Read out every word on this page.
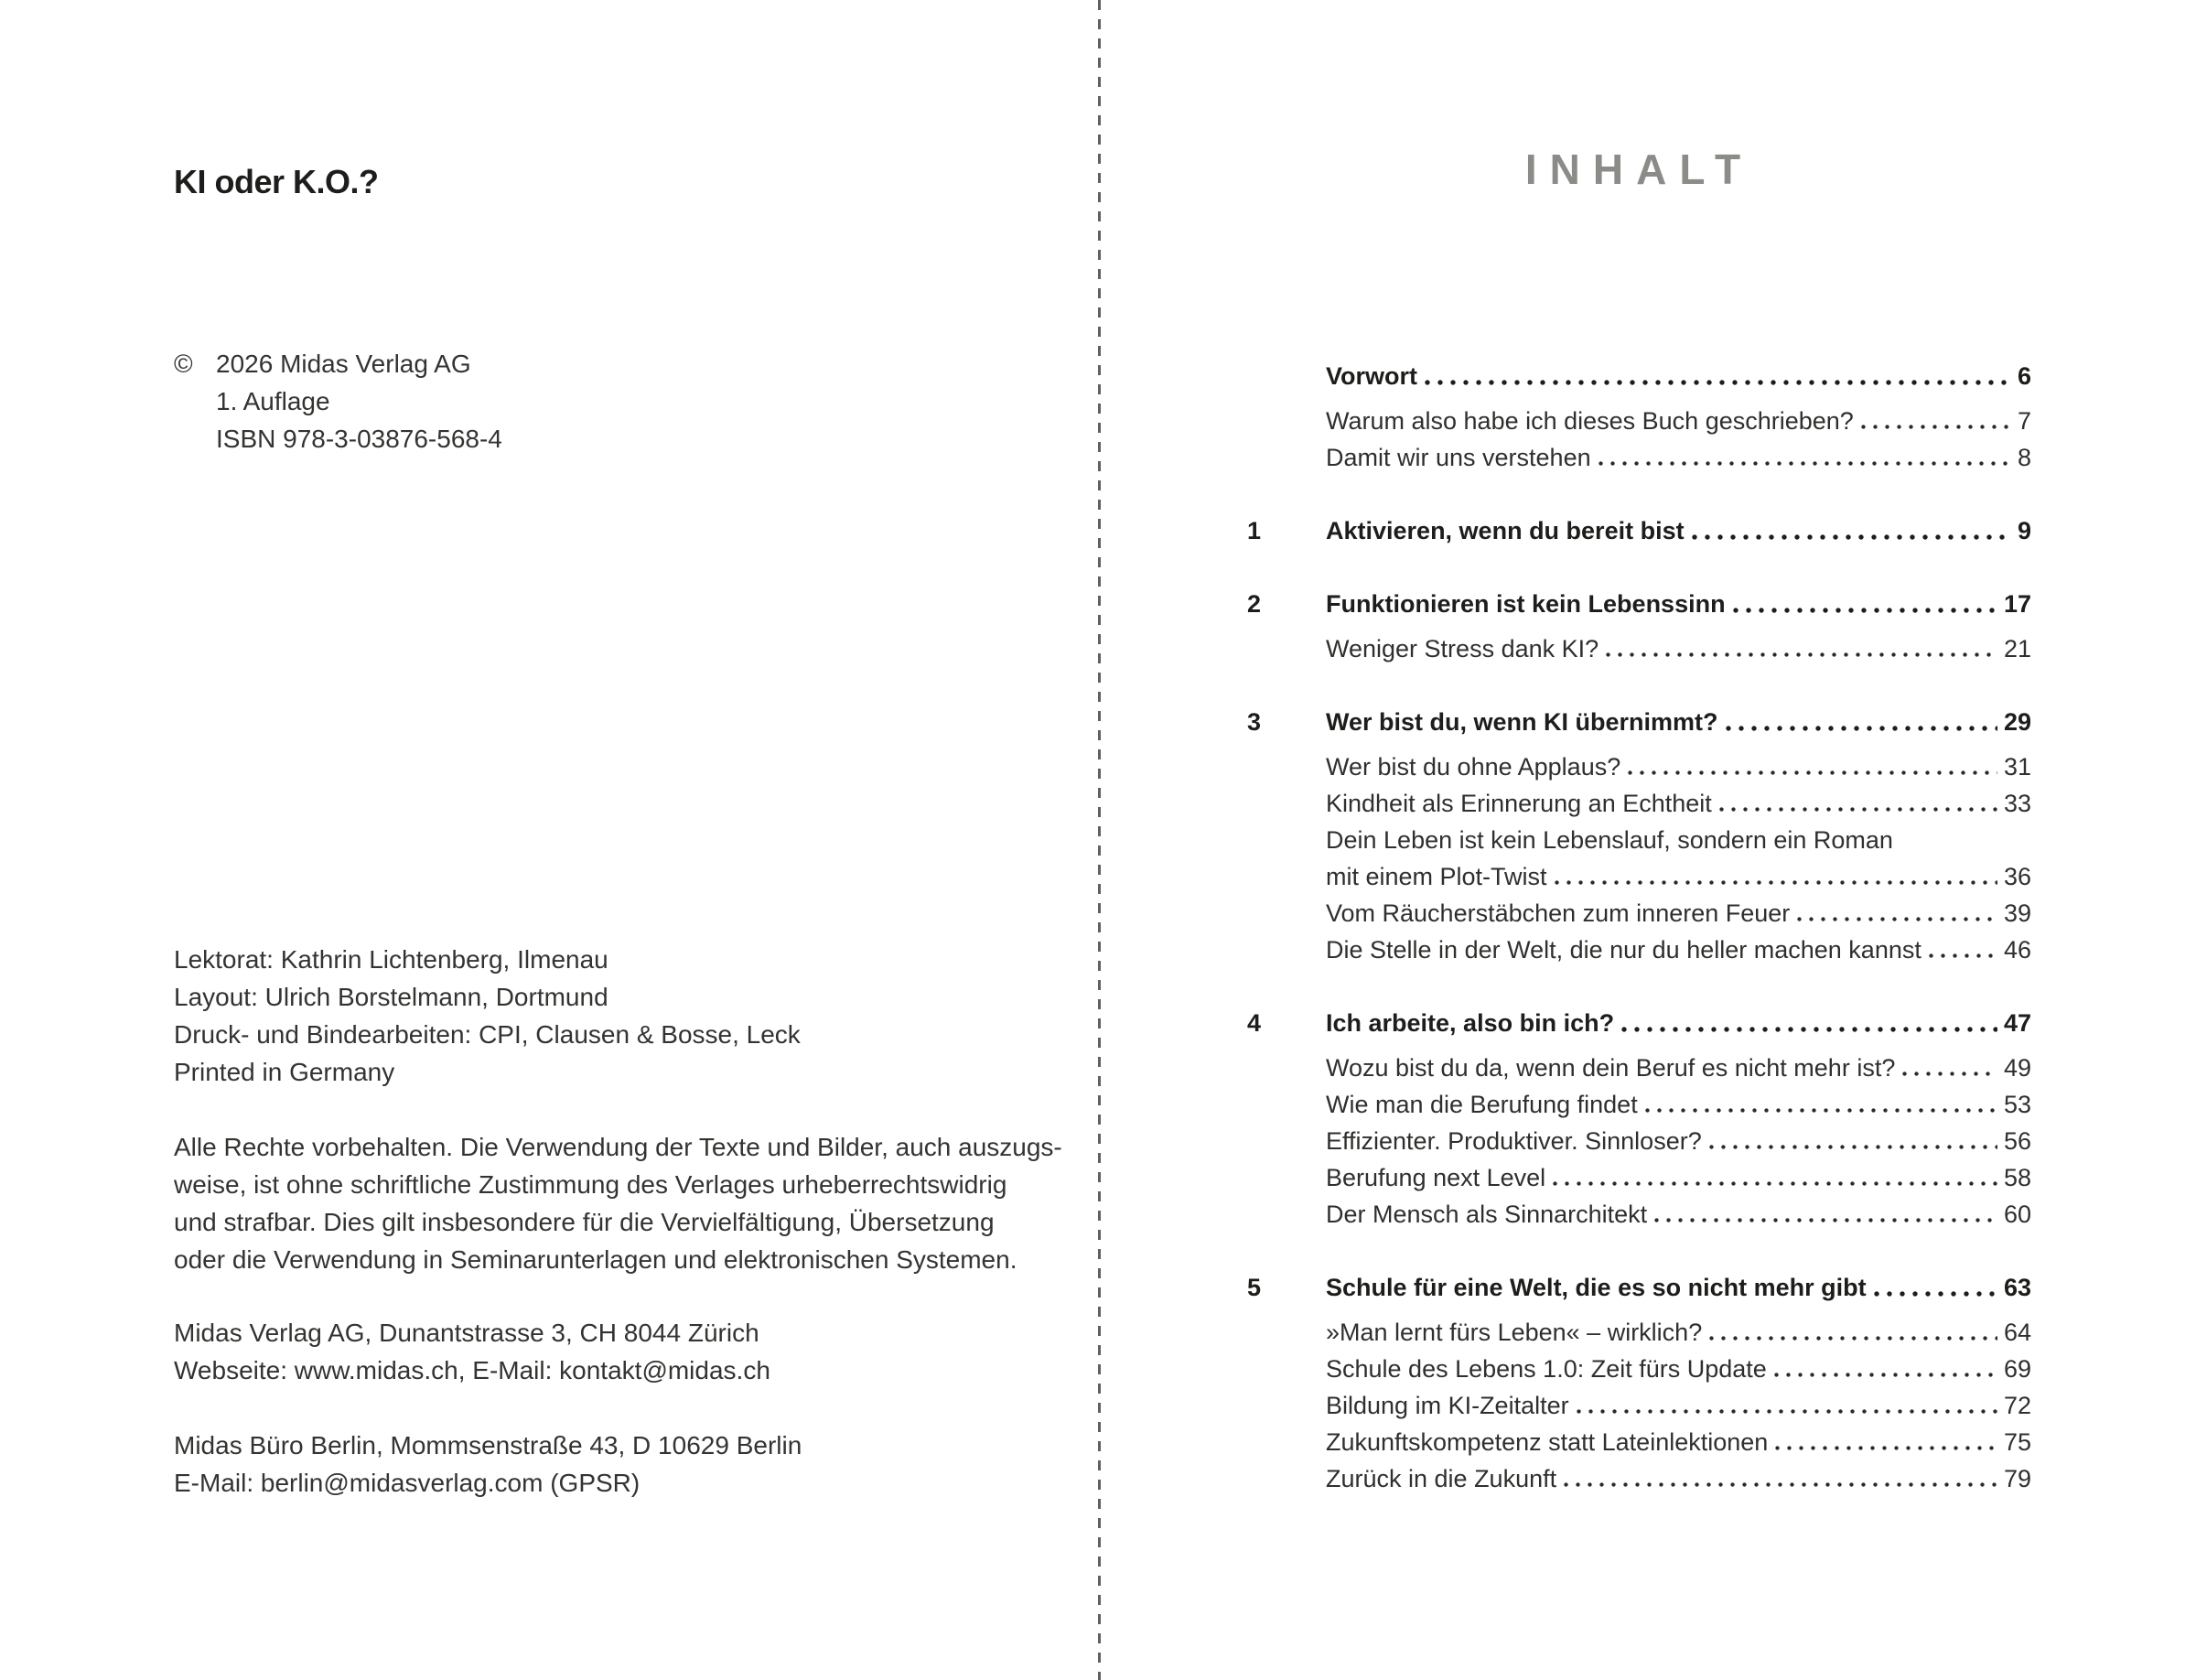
KI oder K.O.?
© 2026 Midas Verlag AG
1. Auflage
ISBN 978-3-03876-568-4
Lektorat: Kathrin Lichtenberg, Ilmenau
Layout: Ulrich Borstelmann, Dortmund
Druck- und Bindearbeiten: CPI, Clausen & Bosse, Leck
Printed in Germany
Alle Rechte vorbehalten. Die Verwendung der Texte und Bilder, auch auszugs-
weise, ist ohne schriftliche Zustimmung des Verlages urheberrechtswidrig
und strafbar. Dies gilt insbesondere für die Vervielfältigung, Übersetzung
oder die Verwendung in Seminarunterlagen und elektronischen Systemen.
Midas Verlag AG, Dunantstrasse 3, CH 8044 Zürich
Webseite: www.midas.ch, E-Mail: kontakt@midas.ch
Midas Büro Berlin, Mommsenstraße 43, D 10629 Berlin
E-Mail: berlin@midasverlag.com (GPSR)
INHALT
Vorwort	6
Warum also habe ich dieses Buch geschrieben?	7
Damit wir uns verstehen	8
1	Aktivieren, wenn du bereit bist	9
2	Funktionieren ist kein Lebenssinn	17
Weniger Stress dank KI?	21
3	Wer bist du, wenn KI übernimmt?	29
Wer bist du ohne Applaus?	31
Kindheit als Erinnerung an Echtheit	33
Dein Leben ist kein Lebenslauf, sondern ein Roman
mit einem Plot-Twist	36
Vom Räucherstäbchen zum inneren Feuer	39
Die Stelle in der Welt, die nur du heller machen kannst	46
4	Ich arbeite, also bin ich?	47
Wozu bist du da, wenn dein Beruf es nicht mehr ist?	49
Wie man die Berufung findet	53
Effizienter. Produktiver. Sinnloser?	56
Berufung next Level	58
Der Mensch als Sinnarchitekt	60
5	Schule für eine Welt, die es so nicht mehr gibt	63
»Man lernt fürs Leben« – wirklich?	64
Schule des Lebens 1.0: Zeit fürs Update	69
Bildung im KI-Zeitalter	72
Zukunftskompetenz statt Lateinlektionen	75
Zurück in die Zukunft	79
